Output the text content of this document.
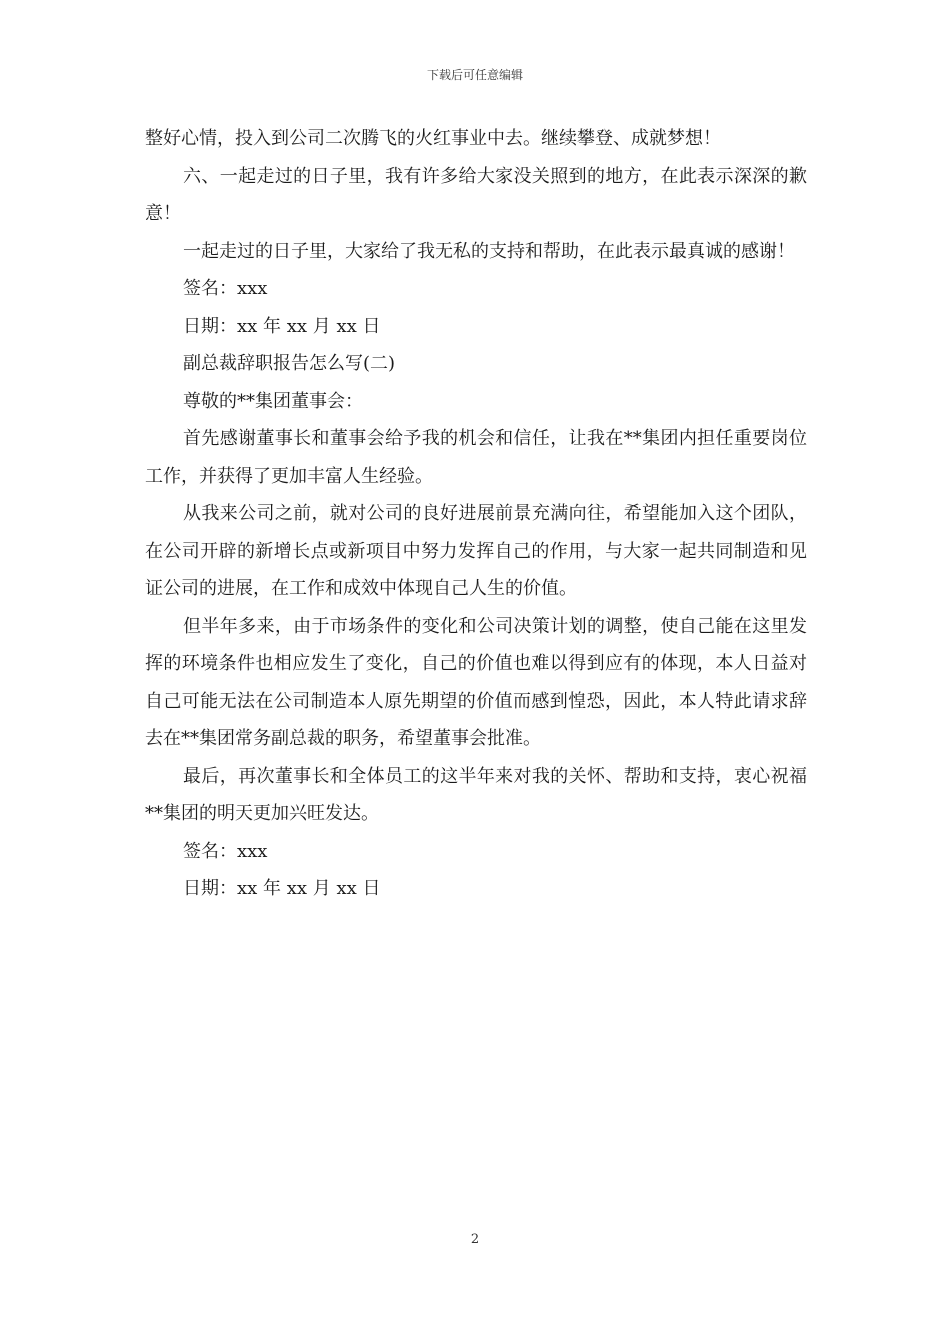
下载后可任意编辑

整好心情，投入到公司二次腾飞的火红事业中去。继续攀登、成就梦想！

六、一起走过的日子里，我有许多给大家没关照到的地方，在此表示深深的歉意！

一起走过的日子里，大家给了我无私的支持和帮助，在此表示最真诚的感谢！

签名：xxx

日期：xx 年 xx 月 xx 日

副总裁辞职报告怎么写(二)

尊敬的**集团董事会：

首先感谢董事长和董事会给予我的机会和信任，让我在**集团内担任重要岗位工作，并获得了更加丰富人生经验。

从我来公司之前，就对公司的良好进展前景充满向往，希望能加入这个团队，在公司开辟的新增长点或新项目中努力发挥自己的作用，与大家一起共同制造和见证公司的进展，在工作和成效中体现自己人生的价值。

但半年多来，由于市场条件的变化和公司决策计划的调整，使自己能在这里发挥的环境条件也相应发生了变化，自己的价值也难以得到应有的体现，本人日益对自己可能无法在公司制造本人原先期望的价值而感到惶恐，因此，本人特此请求辞去在**集团常务副总裁的职务，希望董事会批准。

最后，再次董事长和全体员工的这半年来对我的关怀、帮助和支持，衷心祝福**集团的明天更加兴旺发达。

签名：xxx

日期：xx 年 xx 月 xx 日

2
